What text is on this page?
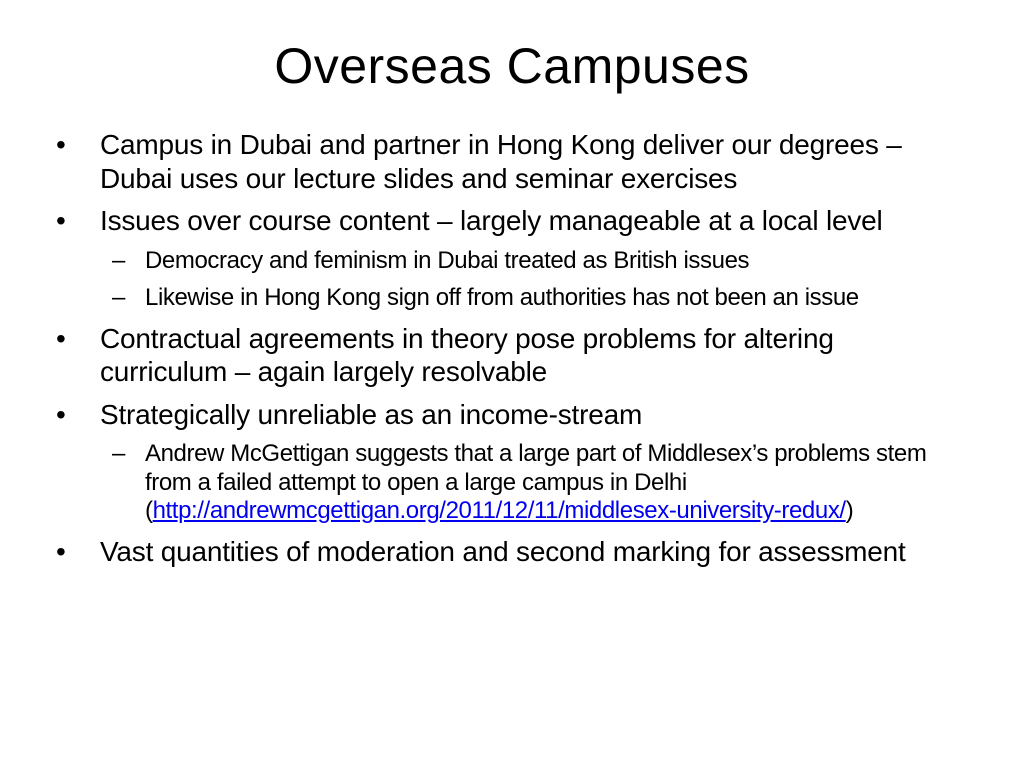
Overseas Campuses
•	Campus in Dubai and partner in Hong Kong deliver our degrees – Dubai uses our lecture slides and seminar exercises
•	Issues over course content – largely manageable at a local level
– Democracy and feminism in Dubai treated as British issues
– Likewise in Hong Kong sign off from authorities has not been an issue
•	Contractual agreements in theory pose problems for altering curriculum – again largely resolvable
•	Strategically unreliable as an income-stream
– Andrew McGettigan suggests that a large part of Middlesex’s problems stem from a failed attempt to open a large campus in Delhi (http://andrewmcgettigan.org/2011/12/11/middlesex-university-redux/)
•	Vast quantities of moderation and second marking for assessment
